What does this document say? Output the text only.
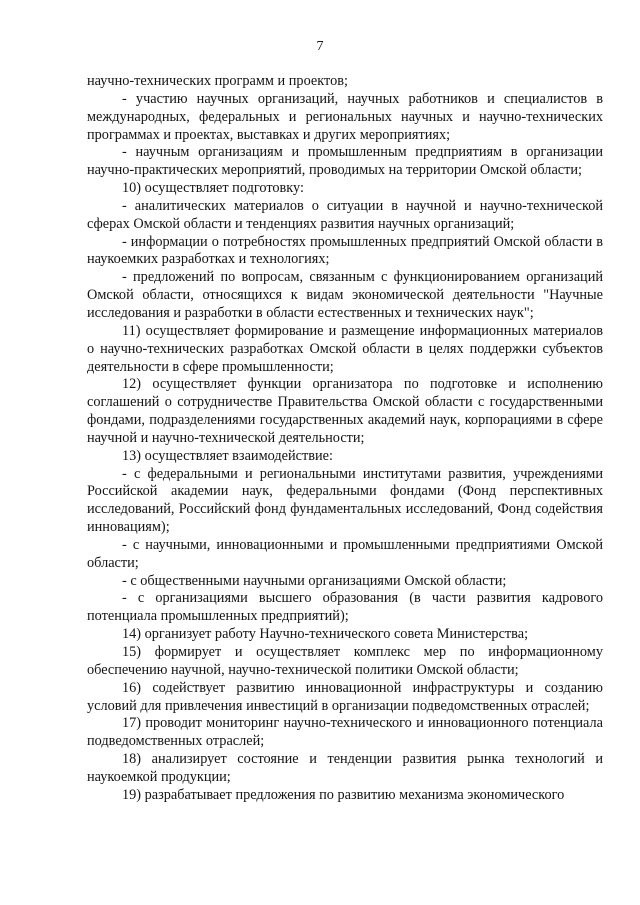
7

научно-технических программ и проектов;

- участию научных организаций, научных работников и специалистов в международных, федеральных и региональных научных и научно-технических программах и проектах, выставках и других мероприятиях;

- научным организациям и промышленным предприятиям в организации научно-практических мероприятий, проводимых на территории Омской области;

10) осуществляет подготовку:

- аналитических материалов о ситуации в научной и научно-технической сферах Омской области и тенденциях развития научных организаций;

- информации о потребностях промышленных предприятий Омской области в наукоемких разработках и технологиях;

- предложений по вопросам, связанным с функционированием организаций Омской области, относящихся к видам экономической деятельности "Научные исследования и разработки в области естественных и технических наук";

11) осуществляет формирование и размещение информационных материалов о научно-технических разработках Омской области в целях поддержки субъектов деятельности в сфере промышленности;

12) осуществляет функции организатора по подготовке и исполнению соглашений о сотрудничестве Правительства Омской области с государственными фондами, подразделениями государственных академий наук, корпорациями в сфере научной и научно-технической деятельности;

13) осуществляет взаимодействие:

- с федеральными и региональными институтами развития, учреждениями Российской академии наук, федеральными фондами (Фонд перспективных исследований, Российский фонд фундаментальных исследований, Фонд содействия инновациям);

- с научными, инновационными и промышленными предприятиями Омской области;

- с общественными научными организациями Омской области;

- с организациями высшего образования (в части развития кадрового потенциала промышленных предприятий);

14) организует работу Научно-технического совета Министерства;

15) формирует и осуществляет комплекс мер по информационному обеспечению научной, научно-технической политики Омской области;

16) содействует развитию инновационной инфраструктуры и созданию условий для привлечения инвестиций в организации подведомственных отраслей;

17) проводит мониторинг научно-технического и инновационного потенциала подведомственных отраслей;

18) анализирует состояние и тенденции развития рынка технологий и наукоемкой продукции;

19) разрабатывает предложения по развитию механизма экономического
